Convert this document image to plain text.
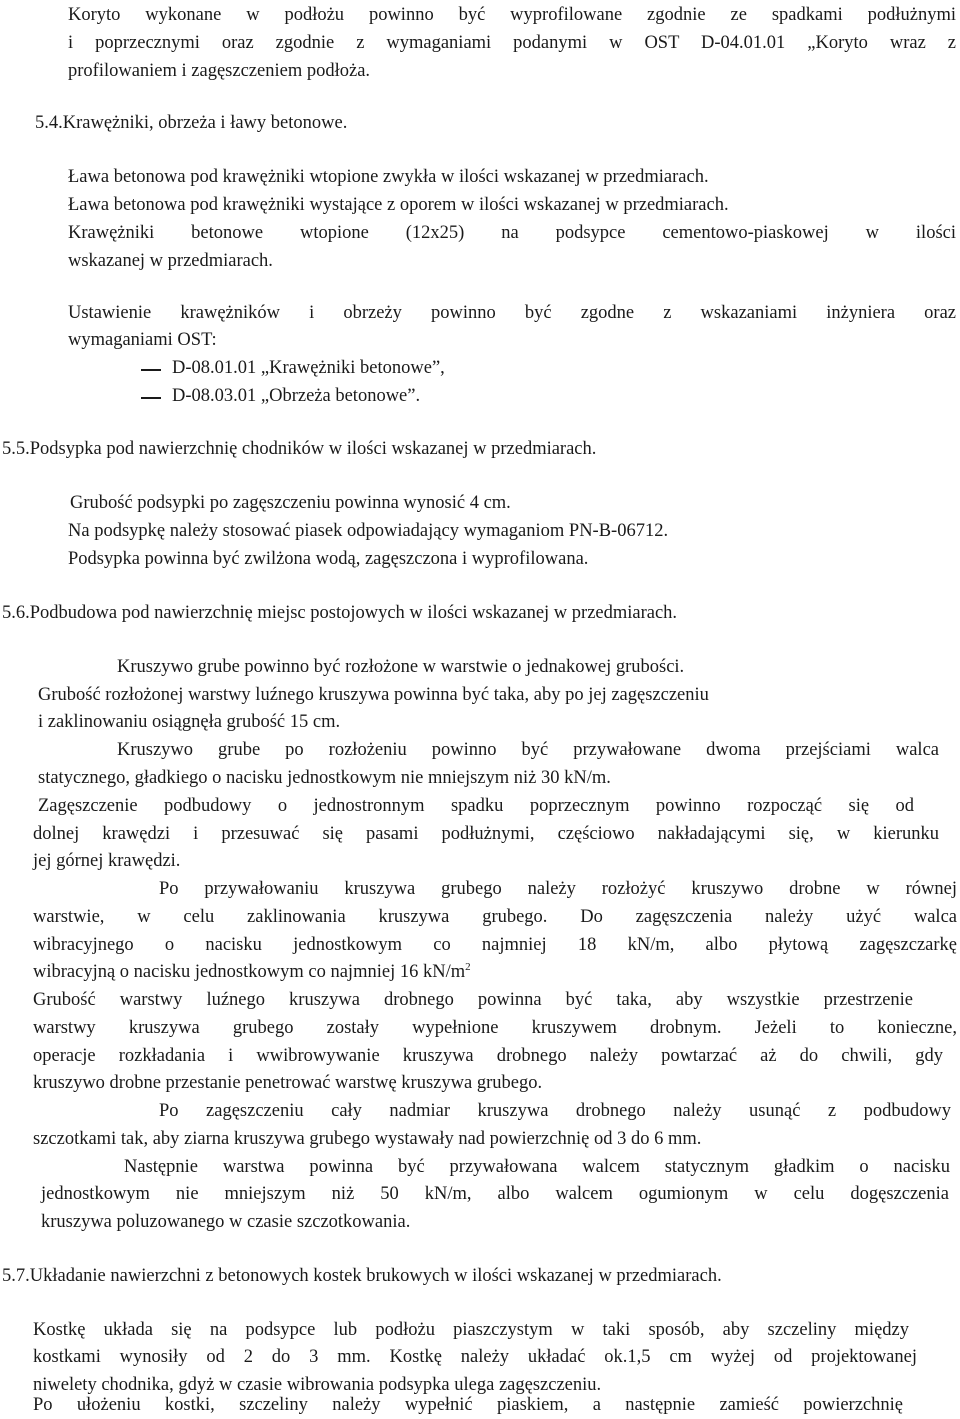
Koryto wykonane w podłożu powinno być wyprofilowane zgodnie ze spadkami podłużnymi
i poprzecznymi oraz zgodnie z wymaganiami podanymi w OST D-04.01.01 „Koryto wraz z
profilowaniem i zagęszczeniem podłoża.
5.4.Krawężniki, obrzeża i ławy betonowe.
Ława betonowa pod krawężniki wtopione zwykła w ilości wskazanej w przedmiarach.
Ława betonowa pod krawężniki wystające z oporem w ilości wskazanej w przedmiarach.
Krawężniki betonowe wtopione (12x25) na podsypce cementowo-piaskowej w ilości
wskazanej w przedmiarach.
Ustawienie krawężników i obrzeży powinno być zgodne z wskazaniami inżyniera oraz
wymaganiami OST:
D-08.01.01 „Krawężniki betonowe”,
D-08.03.01 „Obrzeża betonowe”.
5.5.Podsypka pod nawierzchnię chodników w ilości wskazanej w przedmiarach.
Grubość podsypki po zagęszczeniu powinna wynosić 4 cm.
Na podsypkę należy stosować piasek odpowiadający wymaganiom PN-B-06712.
Podsypka powinna być zwilżona wodą, zagęszczona i wyprofilowana.
5.6.Podbudowa pod nawierzchnię miejsc postojowych w ilości wskazanej w przedmiarach.
Kruszywo grube powinno być rozłożone w warstwie o jednakowej grubości.
Grubość rozłożonej warstwy luźnego kruszywa powinna być taka, aby po jej zagęszczeniu
i zaklinowaniu osiągnęła grubość 15 cm.
Kruszywo grube po rozłożeniu powinno być przywałowane dwoma przejściami walca
statycznego, gładkiego o nacisku jednostkowym nie mniejszym niż 30 kN/m.
Zagęszczenie podbudowy o jednostronnym spadku poprzecznym powinno rozpocząć się od
dolnej krawędzi i przesuwać się pasami podłużnymi, częściowo nakładającymi się, w kierunku
jej górnej krawędzi.
Po przywałowaniu kruszywa grubego należy rozłożyć kruszywo drobne w równej
warstwie, w celu zaklinowania kruszywa grubego. Do zagęszczenia należy użyć walca
wibracyjnego o nacisku jednostkowym co najmniej 18 kN/m, albo płytową zagęszczarkę
wibracyjną o nacisku jednostkowym co najmniej 16 $kN/m^2$
Grubość warstwy luźnego kruszywa drobnego powinna być taka, aby wszystkie przestrzenie
warstwy kruszywa grubego zostały wypełnione kruszywem drobnym. Jeżeli to konieczne,
operacje rozkładania i wwibrowywanie kruszywa drobnego należy powtarzać aż do chwili, gdy
kruszywo drobne przestanie penetrować warstwę kruszywa grubego.
Po zagęszczeniu cały nadmiar kruszywa drobnego należy usunąć z podbudowy
szczotkami tak, aby ziarna kruszywa grubego wystawały nad powierzchnię od 3 do 6 mm.
Następnie warstwa powinna być przywałowana walcem statycznym gładkim o nacisku
jednostkowym nie mniejszym niż 50 kN/m, albo walcem ogumionym w celu dogęszczenia
kruszywa poluzowanego w czasie szczotkowania.
5.7.Układanie nawierzchni z betonowych kostek brukowych w ilości wskazanej w przedmiarach.
Kostkę układa się na podsypce lub podłożu piaszczystym w taki sposób, aby szczeliny między
kostkami wynosiły od 2 do 3 mm. Kostkę należy układać ok.1,5 cm wyżej od projektowanej
niwelety chodnika, gdyż w czasie wibrowania podsypka ulega zagęszczeniu.
Po ułożeniu kostki, szczeliny należy wypełnić piaskiem, a następnie zamieść powierzchnię
